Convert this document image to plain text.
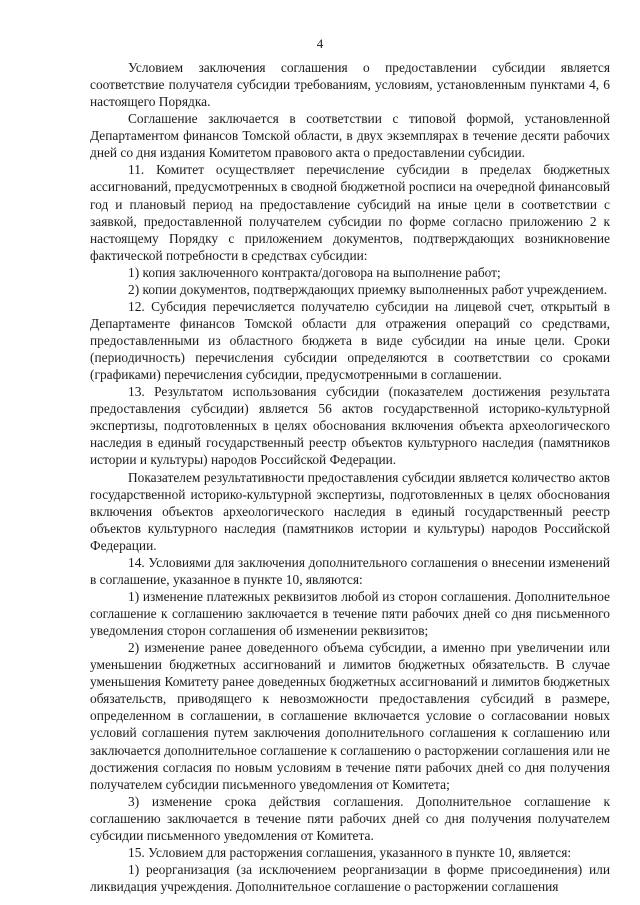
4

Условием заключения соглашения о предоставлении субсидии является соответствие получателя субсидии требованиям, условиям, установленным пунктами 4, 6 настоящего Порядка.

Соглашение заключается в соответствии с типовой формой, установленной Департаментом финансов Томской области, в двух экземплярах в течение десяти рабочих дней со дня издания Комитетом правового акта о предоставлении субсидии.

11. Комитет осуществляет перечисление субсидии в пределах бюджетных ассигнований, предусмотренных в сводной бюджетной росписи на очередной финансовый год и плановый период на предоставление субсидий на иные цели в соответствии с заявкой, предоставленной получателем субсидии по форме согласно приложению 2 к настоящему Порядку с приложением документов, подтверждающих возникновение фактической потребности в средствах субсидии:

1) копия заключенного контракта/договора на выполнение работ;

2) копии документов, подтверждающих приемку выполненных работ учреждением.

12. Субсидия перечисляется получателю субсидии на лицевой счет, открытый в Департаменте финансов Томской области для отражения операций со средствами, предоставленными из областного бюджета в виде субсидии на иные цели. Сроки (периодичность) перечисления субсидии определяются в соответствии со сроками (графиками) перечисления субсидии, предусмотренными в соглашении.

13. Результатом использования субсидии (показателем достижения результата предоставления субсидии) является 56 актов государственной историко-культурной экспертизы, подготовленных в целях обоснования включения объекта археологического наследия в единый государственный реестр объектов культурного наследия (памятников истории и культуры) народов Российской Федерации.

Показателем результативности предоставления субсидии является количество актов государственной историко-культурной экспертизы, подготовленных в целях обоснования включения объектов археологического наследия в единый государственный реестр объектов культурного наследия (памятников истории и культуры) народов Российской Федерации.

14. Условиями для заключения дополнительного соглашения о внесении изменений в соглашение, указанное в пункте 10, являются:

1) изменение платежных реквизитов любой из сторон соглашения. Дополнительное соглашение к соглашению заключается в течение пяти рабочих дней со дня письменного уведомления сторон соглашения об изменении реквизитов;

2) изменение ранее доведенного объема субсидии, а именно при увеличении или уменьшении бюджетных ассигнований и лимитов бюджетных обязательств. В случае уменьшения Комитету ранее доведенных бюджетных ассигнований и лимитов бюджетных обязательств, приводящего к невозможности предоставления субсидий в размере, определенном в соглашении, в соглашение включается условие о согласовании новых условий соглашения путем заключения дополнительного соглашения к соглашению или заключается дополнительное соглашение к соглашению о расторжении соглашения или не достижения согласия по новым условиям в течение пяти рабочих дней со дня получения получателем субсидии письменного уведомления от Комитета;

3) изменение срока действия соглашения. Дополнительное соглашение к соглашению заключается в течение пяти рабочих дней со дня получения получателем субсидии письменного уведомления от Комитета.

15. Условием для расторжения соглашения, указанного в пункте 10, является:

1) реорганизация (за исключением реорганизации в форме присоединения) или ликвидация учреждения. Дополнительное соглашение о расторжении соглашения
